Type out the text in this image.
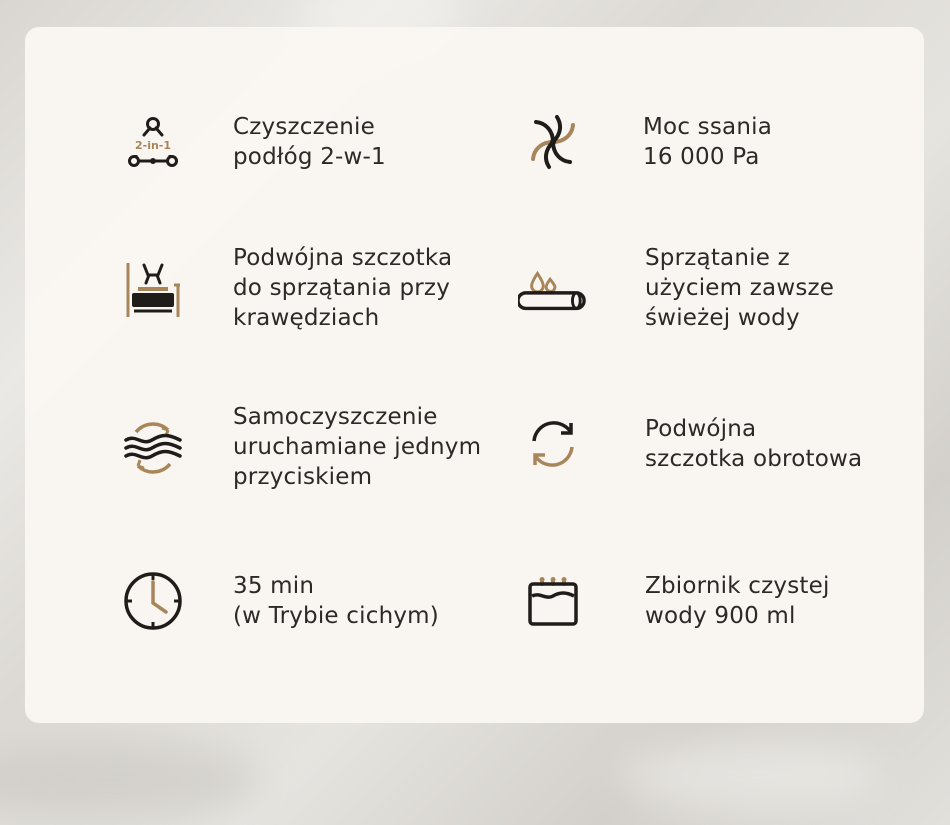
2-in-1
Czyszczenie
podłóg 2-w-1
Moc ssania
16 000 Pa
Podwójna szczotka
do sprzątania przy
krawędziach
Sprzątanie z
użyciem zawsze
świeżej wody
Samoczyszczenie
uruchamiane jednym
przyciskiem
Podwójna
szczotka obrotowa
35 min
(w Trybie cichym)
Zbiornik czystej
wody 900 ml
